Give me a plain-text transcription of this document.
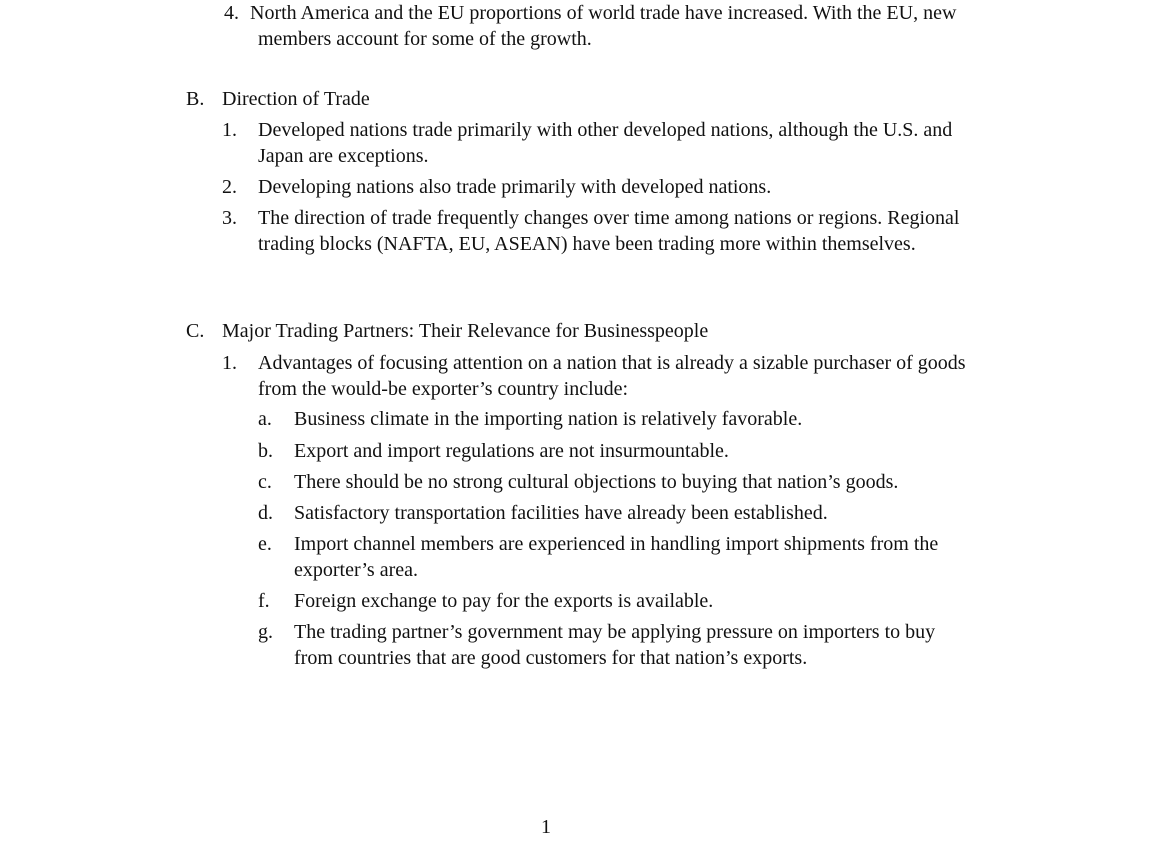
4. North America and the EU proportions of world trade have increased. With the EU, new members account for some of the growth.
B. Direction of Trade
1.	Developed nations trade primarily with other developed nations, although the U.S. and Japan are exceptions.
2.	Developing nations also trade primarily with developed nations.
3.	The direction of trade frequently changes over time among nations or regions. Regional trading blocks (NAFTA, EU, ASEAN) have been trading more within themselves.
C. Major Trading Partners: Their Relevance for Businesspeople
1.	Advantages of focusing attention on a nation that is already a sizable purchaser of goods from the would-be exporter’s country include:
a.	Business climate in the importing nation is relatively favorable.
b.	Export and import regulations are not insurmountable.
c.	There should be no strong cultural objections to buying that nation’s goods.
d.	Satisfactory transportation facilities have already been established.
e.	Import channel members are experienced in handling import shipments from the exporter’s area.
f.	Foreign exchange to pay for the exports is available.
g.	The trading partner’s government may be applying pressure on importers to buy from countries that are good customers for that nation’s exports.
1
